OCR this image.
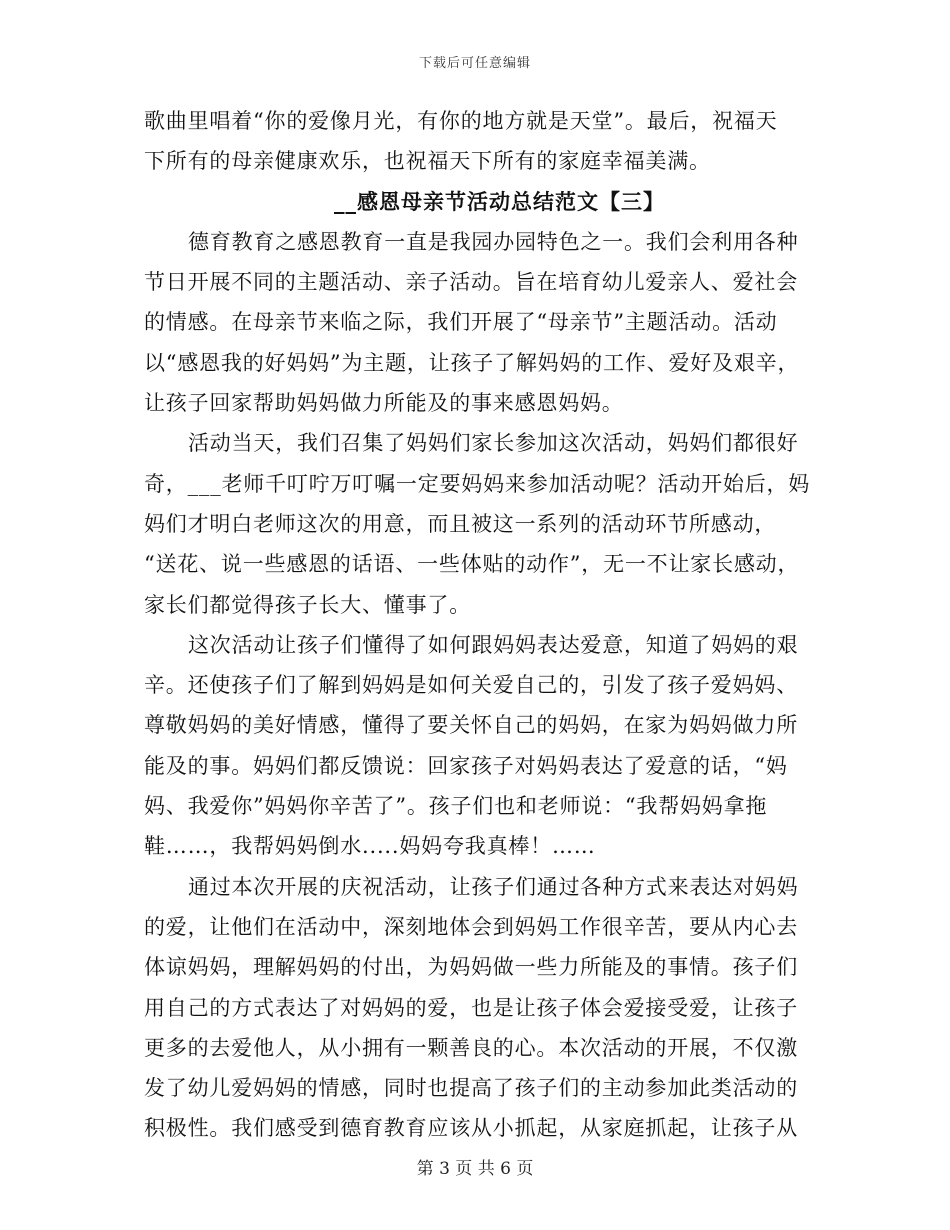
下载后可任意编辑
歌曲里唱着“你的爱像月光，有你的地方就是天堂”。最后，祝福天
下所有的母亲健康欢乐，也祝福天下所有的家庭幸福美满。
__感恩母亲节活动总结范文【三】
德育教育之感恩教育一直是我园办园特色之一。我们会利用各种
节日开展不同的主题活动、亲子活动。旨在培育幼儿爱亲人、爱社会
的情感。在母亲节来临之际，我们开展了“母亲节”主题活动。活动
以“感恩我的好妈妈”为主题，让孩子了解妈妈的工作、爱好及艰辛，
让孩子回家帮助妈妈做力所能及的事来感恩妈妈。
活动当天，我们召集了妈妈们家长参加这次活动，妈妈们都很好
奇，___老师千叮咛万叮嘱一定要妈妈来参加活动呢？活动开始后，妈
妈们才明白老师这次的用意，而且被这一系列的活动环节所感动，
“送花、说一些感恩的话语、一些体贴的动作”，无一不让家长感动，
家长们都觉得孩子长大、懂事了。
这次活动让孩子们懂得了如何跟妈妈表达爱意，知道了妈妈的艰
辛。还使孩子们了解到妈妈是如何关爱自己的，引发了孩子爱妈妈、
尊敬妈妈的美好情感，懂得了要关怀自己的妈妈，在家为妈妈做力所
能及的事。妈妈们都反馈说：回家孩子对妈妈表达了爱意的话，“妈
妈、我爱你”妈妈你辛苦了”。孩子们也和老师说：“我帮妈妈拿拖
鞋……，我帮妈妈倒水.....妈妈夸我真棒！……
通过本次开展的庆祝活动，让孩子们通过各种方式来表达对妈妈
的爱，让他们在活动中，深刻地体会到妈妈工作很辛苦，要从内心去
体谅妈妈，理解妈妈的付出，为妈妈做一些力所能及的事情。孩子们
用自己的方式表达了对妈妈的爱，也是让孩子体会爱接受爱，让孩子
更多的去爱他人，从小拥有一颗善良的心。本次活动的开展，不仅激
发了幼儿爱妈妈的情感，同时也提高了孩子们的主动参加此类活动的
积极性。我们感受到德育教育应该从小抓起，从家庭抓起，让孩子从
第 3 页 共 6 页
